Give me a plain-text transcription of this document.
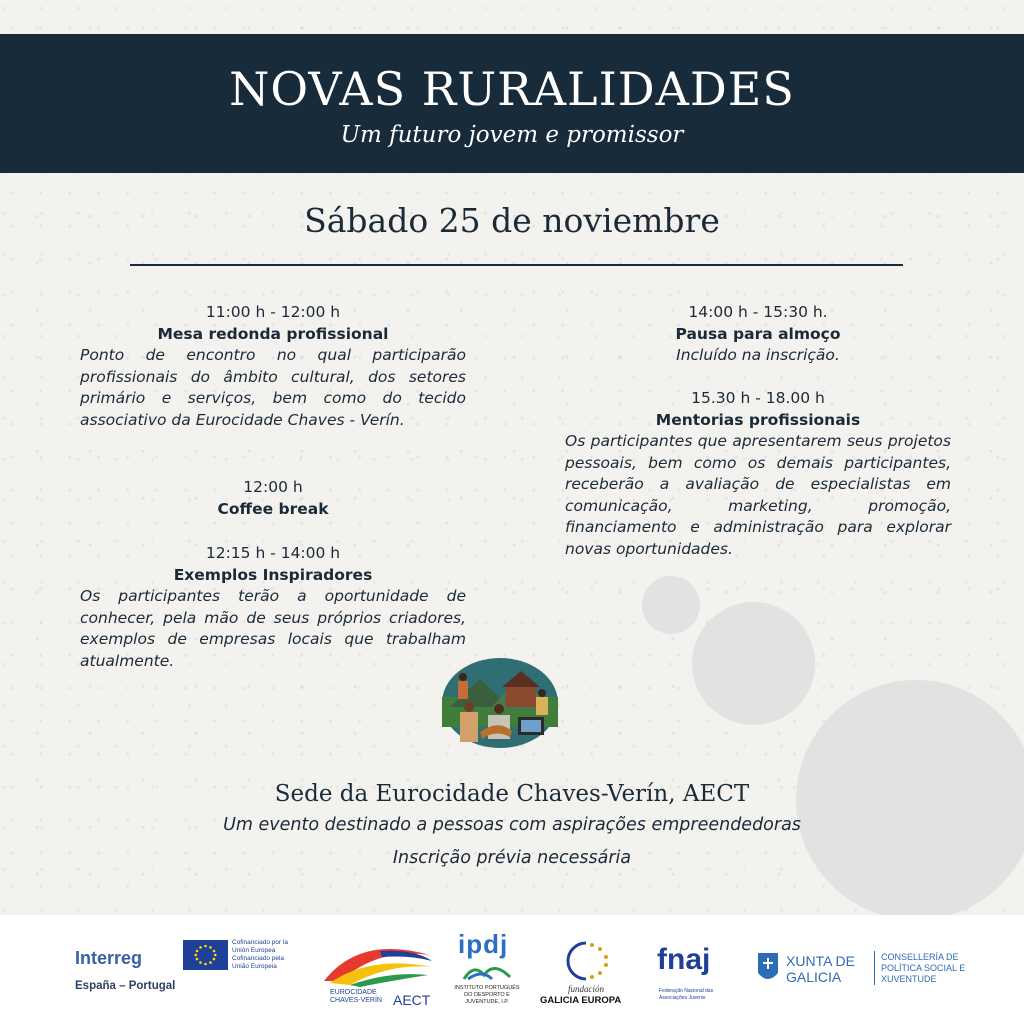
NOVAS RURALIDADES
Um futuro jovem e promissor
Sábado 25 de noviembre
11:00 h - 12:00 h
Mesa redonda profissional
Ponto de encontro no qual participarão profissionais do âmbito cultural, dos setores primário e serviços, bem como do tecido associativo da Eurocidade Chaves - Verín.
12:00 h
Coffee break
12:15 h - 14:00 h
Exemplos Inspiradores
Os participantes terão a oportunidade de conhecer, pela mão de seus próprios criadores, exemplos de empresas locais que trabalham atualmente.
14:00 h - 15:30 h.
Pausa para almoço
Incluído na inscrição.
15.30 h - 18.00 h
Mentorias profissionais
Os participantes que apresentarem seus projetos pessoais, bem como os demais participantes, receberão a avaliação de especialistas em comunicação, marketing, promoção, financiamento e administração para explorar novas oportunidades.
Sede da Eurocidade Chaves-Verín, AECT
Um evento destinado a pessoas com aspirações empreendedoras
Inscrição prévia necessária
Interreg
Cofinanciado por la Unión Europea Cofinanciado pela União Europeia
España – Portugal
EUROCIDADE CHAVES-VERÍN AECT
ipdj
INSTITUTO PORTUGUÊS DO DESPORTO E JUVENTUDE, I.P.
fundación
GALICIA EUROPA
fnaj
Federação Nacional das Associações Juvenis
XUNTA DE GALICIA
CONSELLERÍA DE POLÍTICA SOCIAL E XUVENTUDE
